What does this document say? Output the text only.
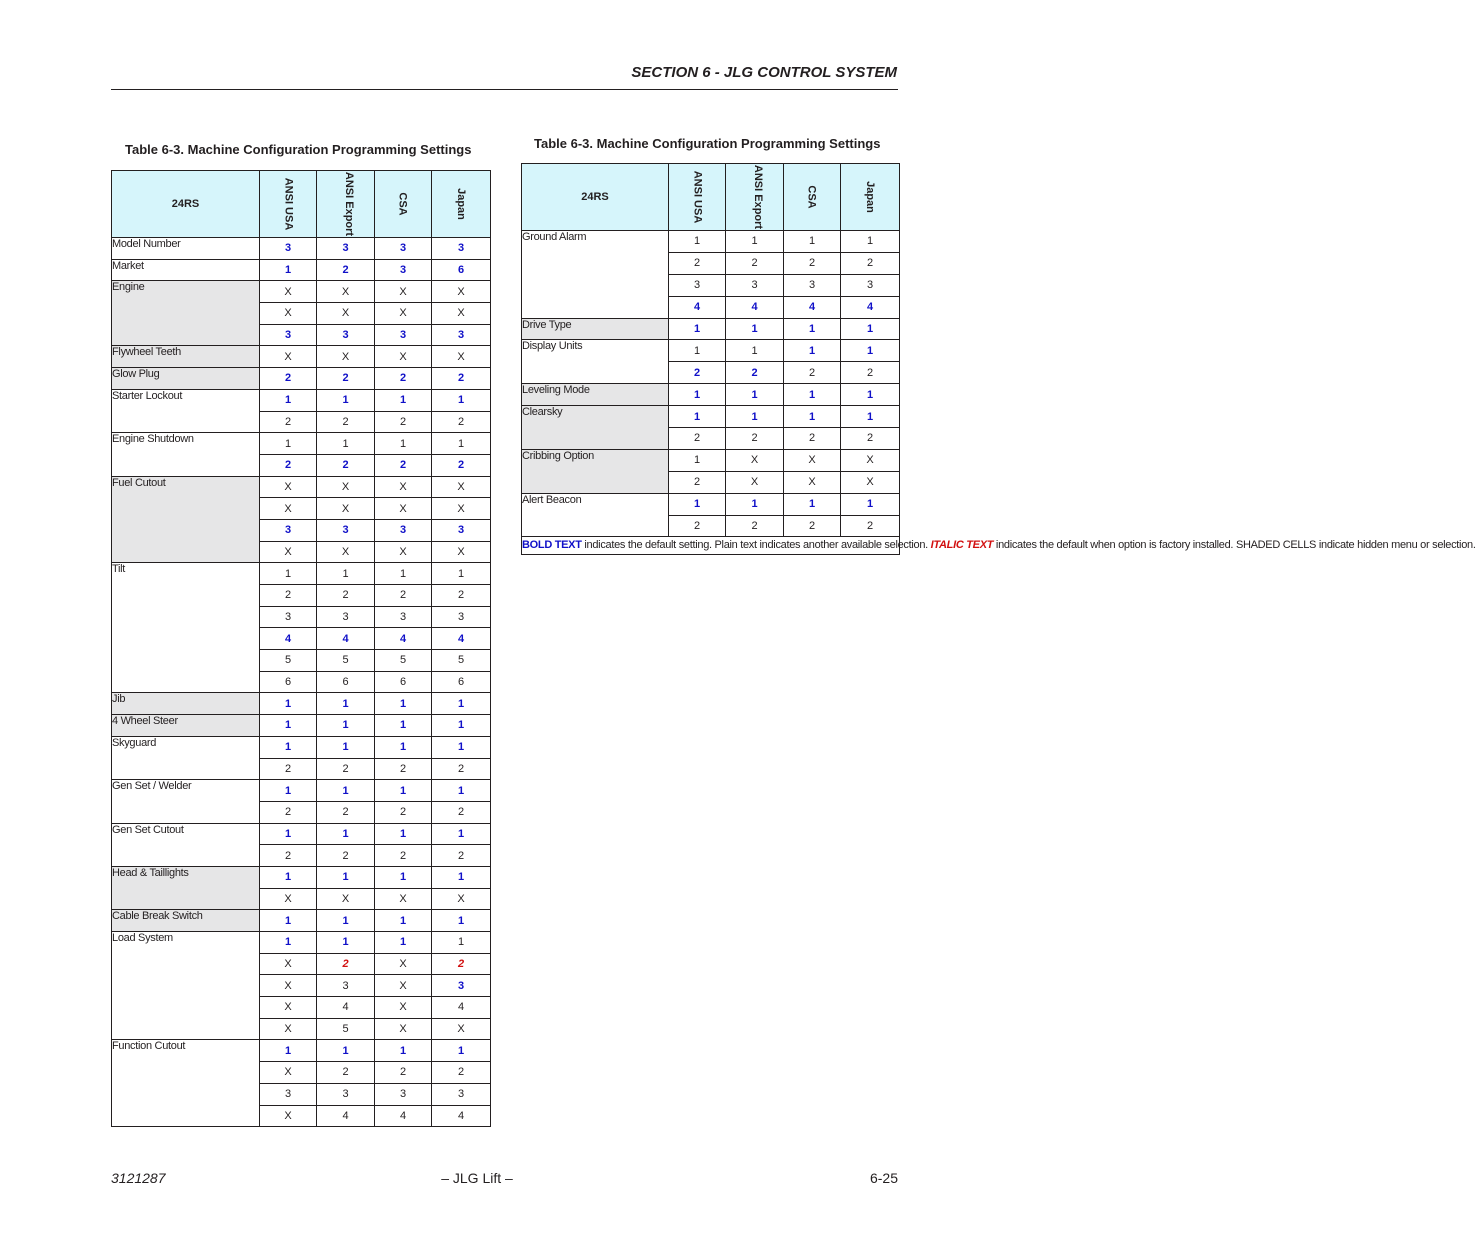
SECTION 6 - JLG CONTROL SYSTEM
Table 6-3. Machine Configuration Programming Settings	Table 6-3. Machine Configuration Programming Settings
24RS	ANSI USA	ANSI Export	CSA	Japan
Model Number	3	3	3	3
Market	1	2	3	6
Engine	X	X	X	X
	X	X	X	X
	3	3	3	3
Flywheel Teeth	X	X	X	X
Glow Plug	2	2	2	2
Starter Lockout	1	1	1	1
	2	2	2	2
Engine Shutdown	1	1	1	1
	2	2	2	2
Fuel Cutout	X	X	X	X
	X	X	X	X
	3	3	3	3
	X	X	X	X
Tilt	1	1	1	1
	2	2	2	2
	3	3	3	3
	4	4	4	4
	5	5	5	5
	6	6	6	6
Jib	1	1	1	1
4 Wheel Steer	1	1	1	1
Skyguard	1	1	1	1
	2	2	2	2
Gen Set / Welder	1	1	1	1
	2	2	2	2
Gen Set Cutout	1	1	1	1
	2	2	2	2
Head & Taillights	1	1	1	1
	X	X	X	X
Cable Break Switch	1	1	1	1
Load System	1	1	1	1
	X	2	X	2
	X	3	X	3
	X	4	X	4
	X	5	X	X
Function Cutout	1	1	1	1
	X	2	2	2
	3	3	3	3
	X	4	4	4
24RS	ANSI USA	ANSI Export	CSA	Japan
Ground Alarm	1	1	1	1
	2	2	2	2
	3	3	3	3
	4	4	4	4
Drive Type	1	1	1	1
Display Units	1	1	1	1
	2	2	2	2
Leveling Mode	1	1	1	1
Clearsky	1	1	1	1
	2	2	2	2
Cribbing Option	1	X	X	X
	2	X	X	X
Alert Beacon	1	1	1	1
	2	2	2	2
BOLD TEXT indicates the default setting. Plain text indicates another available selection. ITALIC TEXT indicates the default when option is factory installed. SHADED CELLS indicate hidden menu or selection.				
3121287	– JLG Lift –	6-25
